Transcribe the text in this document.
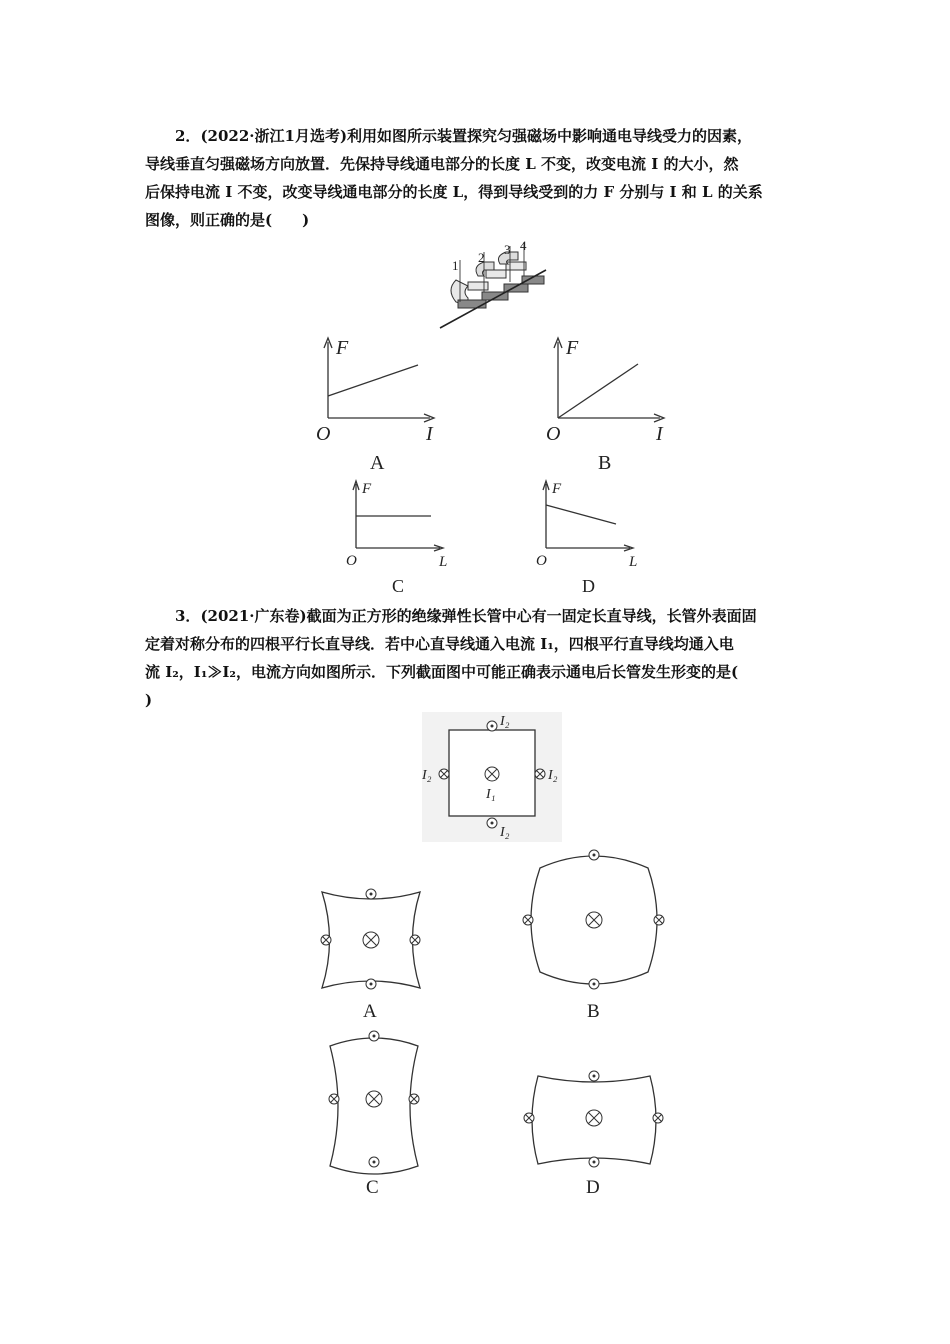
2．(2022·浙江1月选考)利用如图所示装置探究匀强磁场中影响通电导线受力的因素，
导线垂直匀强磁场方向放置．先保持导线通电部分的长度 L 不变，改变电流 I 的大小，然
后保持电流 I 不变，改变导线通电部分的长度 L，得到导线受到的力 F 分别与 I 和 L 的关系
图像，则正确的是(　　)
1
2
3 4
F
O	I
A
F
O	I
B
F
O	L
C
F
O	L
D
3．(2021·广东卷)截面为正方形的绝缘弹性长管中心有一固定长直导线，长管外表面固
定着对称分布的四根平行长直导线．若中心直导线通入电流 I₁，四根平行直导线均通入电
流 I₂，I₁≫I₂，电流方向如图所示．下列截面图中可能正确表示通电后长管发生形变的是(
)
I₂
I₂	I₂
I₂
I₁
A	B
C	D
